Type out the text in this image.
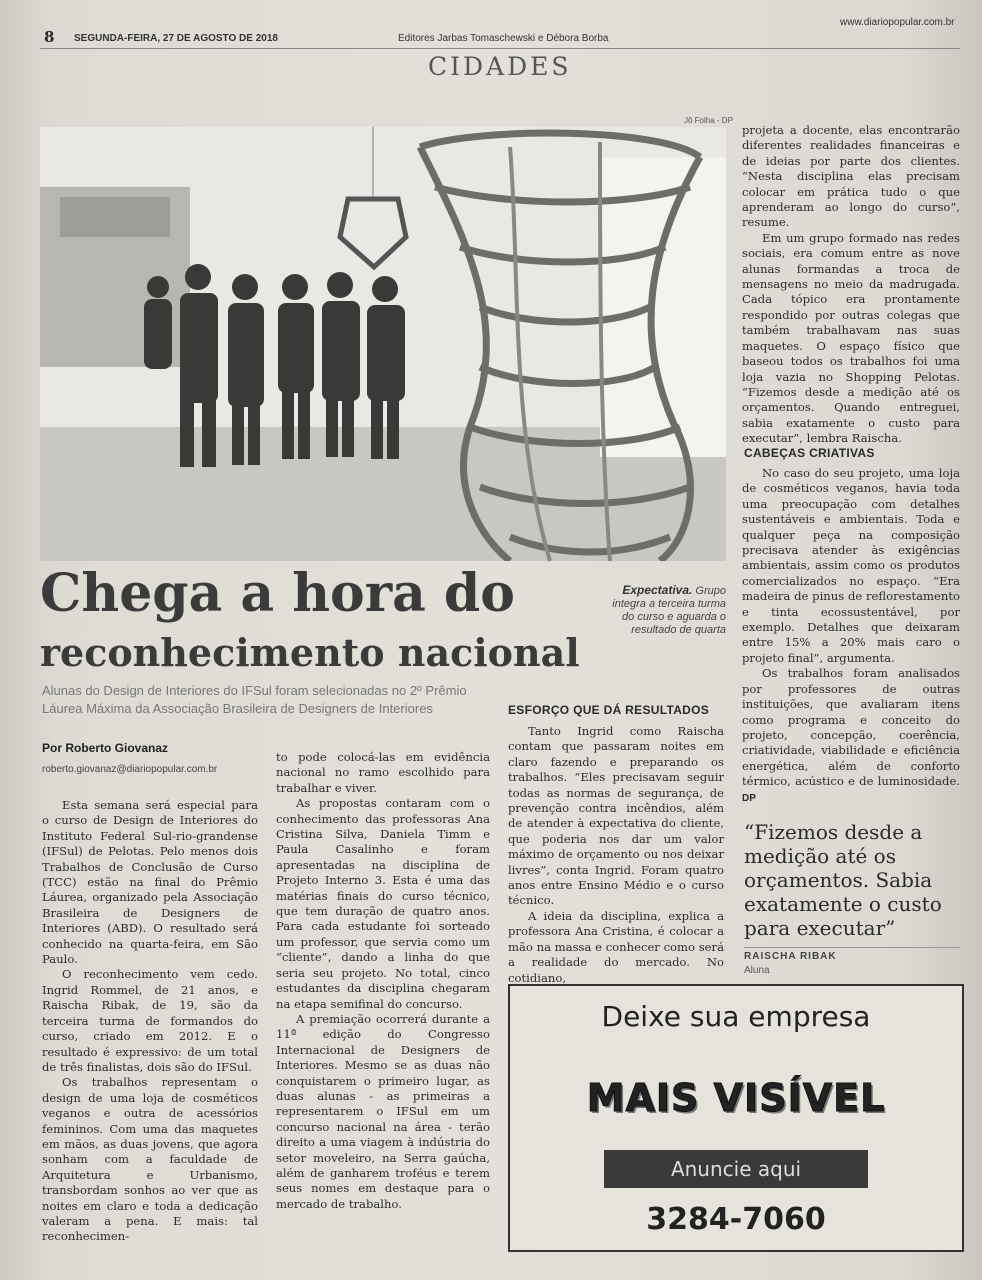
8 SEGUNDA-FEIRA, 27 DE AGOSTO DE 2018	Editores Jarbas Tomaschewski e Débora Borba
www.diariopopular.com.br
CIDADES
Jô Folha - DP
Expectativa. Grupo
integra a terceira turma
do curso e aguarda o
resultado de quarta
Chega a hora do
reconhecimento nacional
Alunas do Design de Interiores do IFSul foram selecionadas no 2º Prêmio
Láurea Máxima da Associação Brasileira de Designers de Interiores
Por Roberto Giovanaz
roberto.giovanaz@diariopopular.com.br

Esta semana será especial para o curso de Design de Interiores do Instituto Federal Sul-rio-grandense (IFSul) de Pelotas. Pelo menos dois Trabalhos de Conclusão de Curso (TCC) estão na final do Prêmio Láurea, organizado pela Associação Brasileira de Designers de Interiores (ABD). O resultado será conhecido na quarta-feira, em São Paulo.

O reconhecimento vem cedo. Ingrid Rommel, de 21 anos, e Raischa Ribak, de 19, são da terceira turma de formandos do curso, criado em 2012. E o resultado é expressivo: de um total de três finalistas, dois são do IFSul.

Os trabalhos representam o design de uma loja de cosméticos veganos e outra de acessórios femininos. Com uma das maquetes em mãos, as duas jovens, que agora sonham com a faculdade de Arquitetura e Urbanismo, transbordam sonhos ao ver que as noites em claro e toda a dedicação valeram a pena. E mais: tal reconhecimen-

to pode colocá-las em evidência nacional no ramo escolhido para trabalhar e viver.

As propostas contaram com o conhecimento das professoras Ana Cristina Silva, Daniela Timm e Paula Casalinho e foram apresentadas na disciplina de Projeto Interno 3. Esta é uma das matérias finais do curso técnico, que tem duração de quatro anos. Para cada estudante foi sorteado um professor, que servia como um “cliente”, dando a linha do que seria seu projeto. No total, cinco estudantes da disciplina chegaram na etapa semifinal do concurso.

A premiação ocorrerá durante a 11ª edição do Congresso Internacional de Designers de Interiores. Mesmo se as duas não conquistarem o primeiro lugar, as duas alunas - as primeiras a representarem o IFSul em um concurso nacional na área - terão direito a uma viagem à indústria do setor moveleiro, na Serra gaúcha, além de ganharem troféus e terem seus nomes em destaque para o mercado de trabalho.

ESFORÇO QUE DÁ RESULTADOS

Tanto Ingrid como Raischa contam que passaram noites em claro fazendo e preparando os trabalhos. “Eles precisavam seguir todas as normas de segurança, de prevenção contra incêndios, além de atender à expectativa do cliente, que poderia nos dar um valor máximo de orçamento ou nos deixar livres”, conta Ingrid. Foram quatro anos entre Ensino Médio e o curso técnico.

A ideia da disciplina, explica a professora Ana Cristina, é colocar a mão na massa e conhecer como será a realidade do mercado. No cotidiano,

projeta a docente, elas encontrarão diferentes realidades financeiras e de ideias por parte dos clientes. “Nesta disciplina elas precisam colocar em prática tudo o que aprenderam ao longo do curso”, resume.

Em um grupo formado nas redes sociais, era comum entre as nove alunas formandas a troca de mensagens no meio da madrugada. Cada tópico era prontamente respondido por outras colegas que também trabalhavam nas suas maquetes. O espaço físico que baseou todos os trabalhos foi uma loja vazia no Shopping Pelotas. “Fizemos desde a medição até os orçamentos. Quando entreguei, sabia exatamente o custo para executar”, lembra Raischa.

CABEÇAS CRIATIVAS

No caso do seu projeto, uma loja de cosméticos veganos, havia toda uma preocupação com detalhes sustentáveis e ambientais. Toda e qualquer peça na composição precisava atender às exigências ambientais, assim como os produtos comercializados no espaço. “Era madeira de pinus de reflorestamento e tinta ecossustentável, por exemplo. Detalhes que deixaram entre 15% a 20% mais caro o projeto final”, argumenta.

Os trabalhos foram analisados por professores de outras instituições, que avaliaram itens como programa e conceito do projeto, concepção, coerência, criatividade, viabilidade e eficiência energética, além de conforto térmico, acústico e de luminosidade. DP

“Fizemos desde a medição até os orçamentos. Sabia exatamente o custo para executar”
RAISCHA RIBAK
Aluna
Deixe sua empresa
MAIS VISÍVEL
Anuncie aqui
3284-7060
